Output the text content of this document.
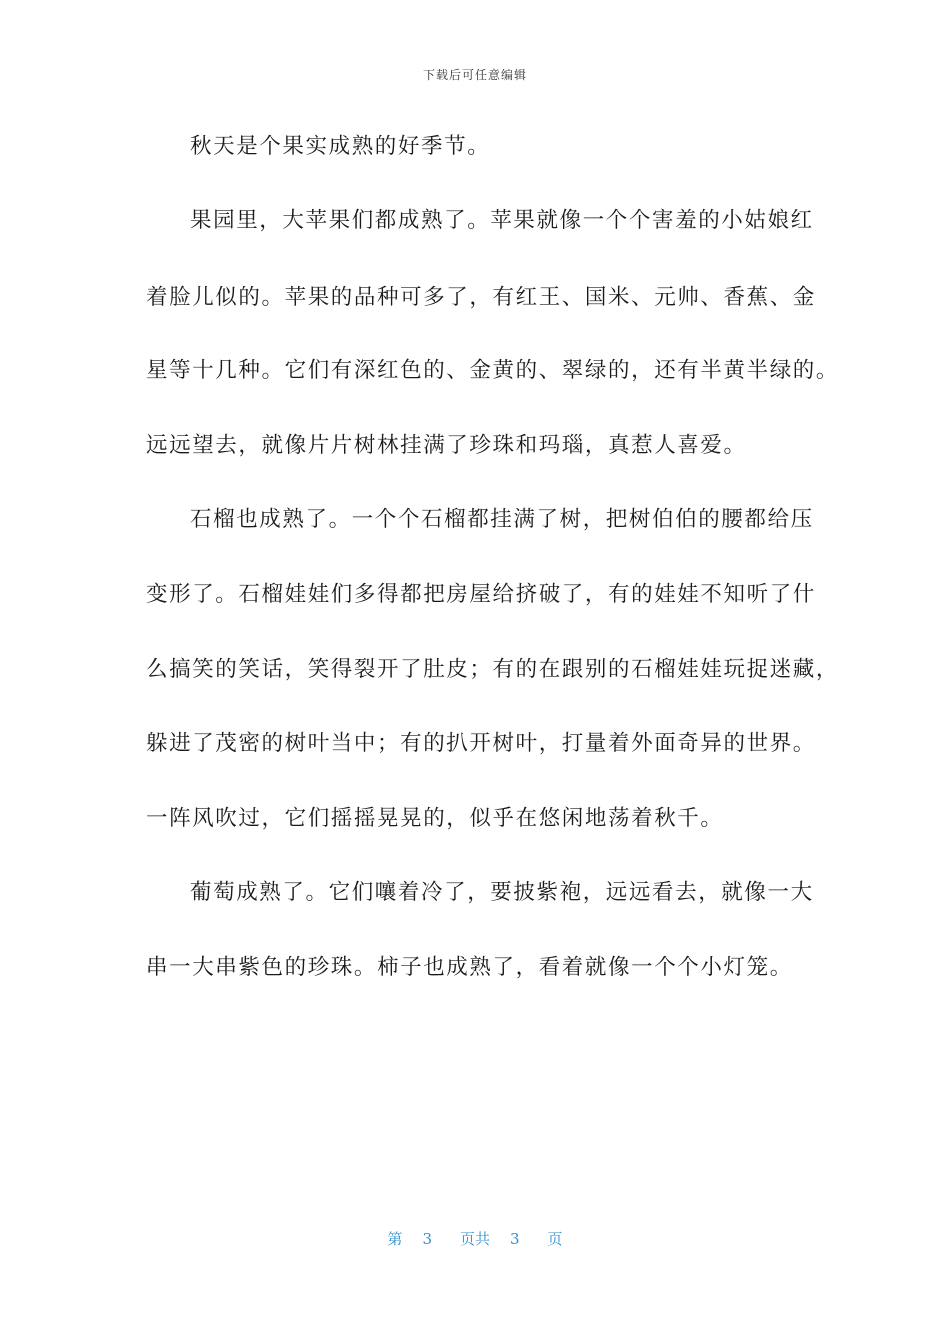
下载后可任意编辑
秋天是个果实成熟的好季节。
果园里，大苹果们都成熟了。苹果就像一个个害羞的小姑娘红
着脸儿似的。苹果的品种可多了，有红王、国米、元帅、香蕉、金
星等十几种。它们有深红色的、金黄的、翠绿的，还有半黄半绿的。
远远望去，就像片片树林挂满了珍珠和玛瑙，真惹人喜爱。
石榴也成熟了。一个个石榴都挂满了树，把树伯伯的腰都给压
变形了。石榴娃娃们多得都把房屋给挤破了，有的娃娃不知听了什
么搞笑的笑话，笑得裂开了肚皮；有的在跟别的石榴娃娃玩捉迷藏，
躲进了茂密的树叶当中；有的扒开树叶，打量着外面奇异的世界。
一阵风吹过，它们摇摇晃晃的，似乎在悠闲地荡着秋千。
葡萄成熟了。它们嚷着冷了，要披紫袍，远远看去，就像一大
串一大串紫色的珍珠。柿子也成熟了，看着就像一个个小灯笼。
第 3 页共 3 页
